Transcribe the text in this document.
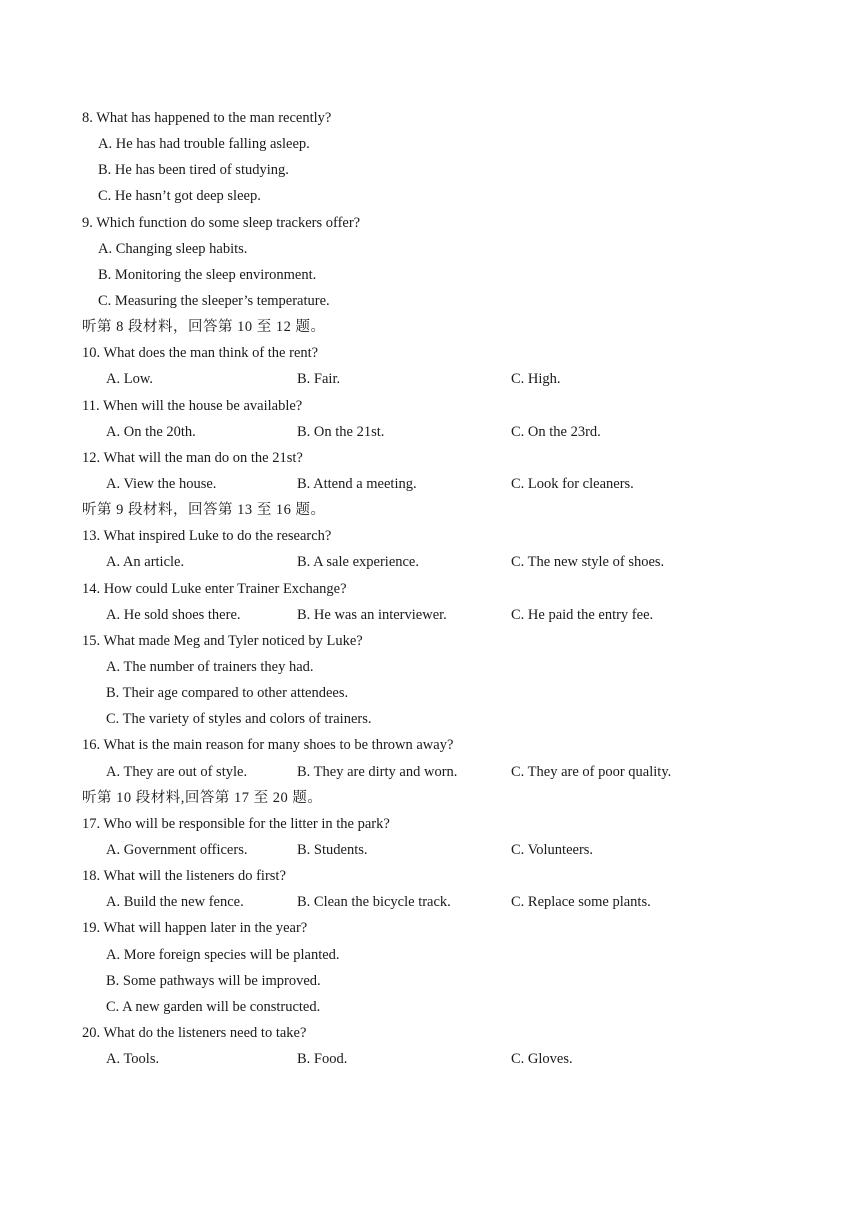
8. What has happened to the man recently?
A. He has had trouble falling asleep.
B. He has been tired of studying.
C. He hasn’t got deep sleep.
9. Which function do some sleep trackers offer?
A. Changing sleep habits.
B. Monitoring the sleep environment.
C. Measuring the sleeper’s temperature.
听第 8 段材料，回答第 10 至 12 题。
10. What does the man think of the rent?
A. Low.	B. Fair.	C. High.
11. When will the house be available?
A. On the 20th.	B. On the 21st.	C. On the 23rd.
12. What will the man do on the 21st?
A. View the house.	B. Attend a meeting.	C. Look for cleaners.
听第 9 段材料，回答第 13 至 16 题。
13. What inspired Luke to do the research?
A. An article.	B. A sale experience.	C. The new style of shoes.
14. How could Luke enter Trainer Exchange?
A. He sold shoes there.	B. He was an interviewer.	C. He paid the entry fee.
15. What made Meg and Tyler noticed by Luke?
A. The number of trainers they had.
B. Their age compared to other attendees.
C. The variety of styles and colors of trainers.
16. What is the main reason for many shoes to be thrown away?
A. They are out of style.	B. They are dirty and worn.	C. They are of poor quality.
听第 10 段材料,回答第 17 至 20 题。
17. Who will be responsible for the litter in the park?
A. Government officers.	B. Students.	C. Volunteers.
18. What will the listeners do first?
A. Build the new fence.	B. Clean the bicycle track.	C. Replace some plants.
19. What will happen later in the year?
A. More foreign species will be planted.
B. Some pathways will be improved.
C. A new garden will be constructed.
20. What do the listeners need to take?
A. Tools.	B. Food.	C. Gloves.
